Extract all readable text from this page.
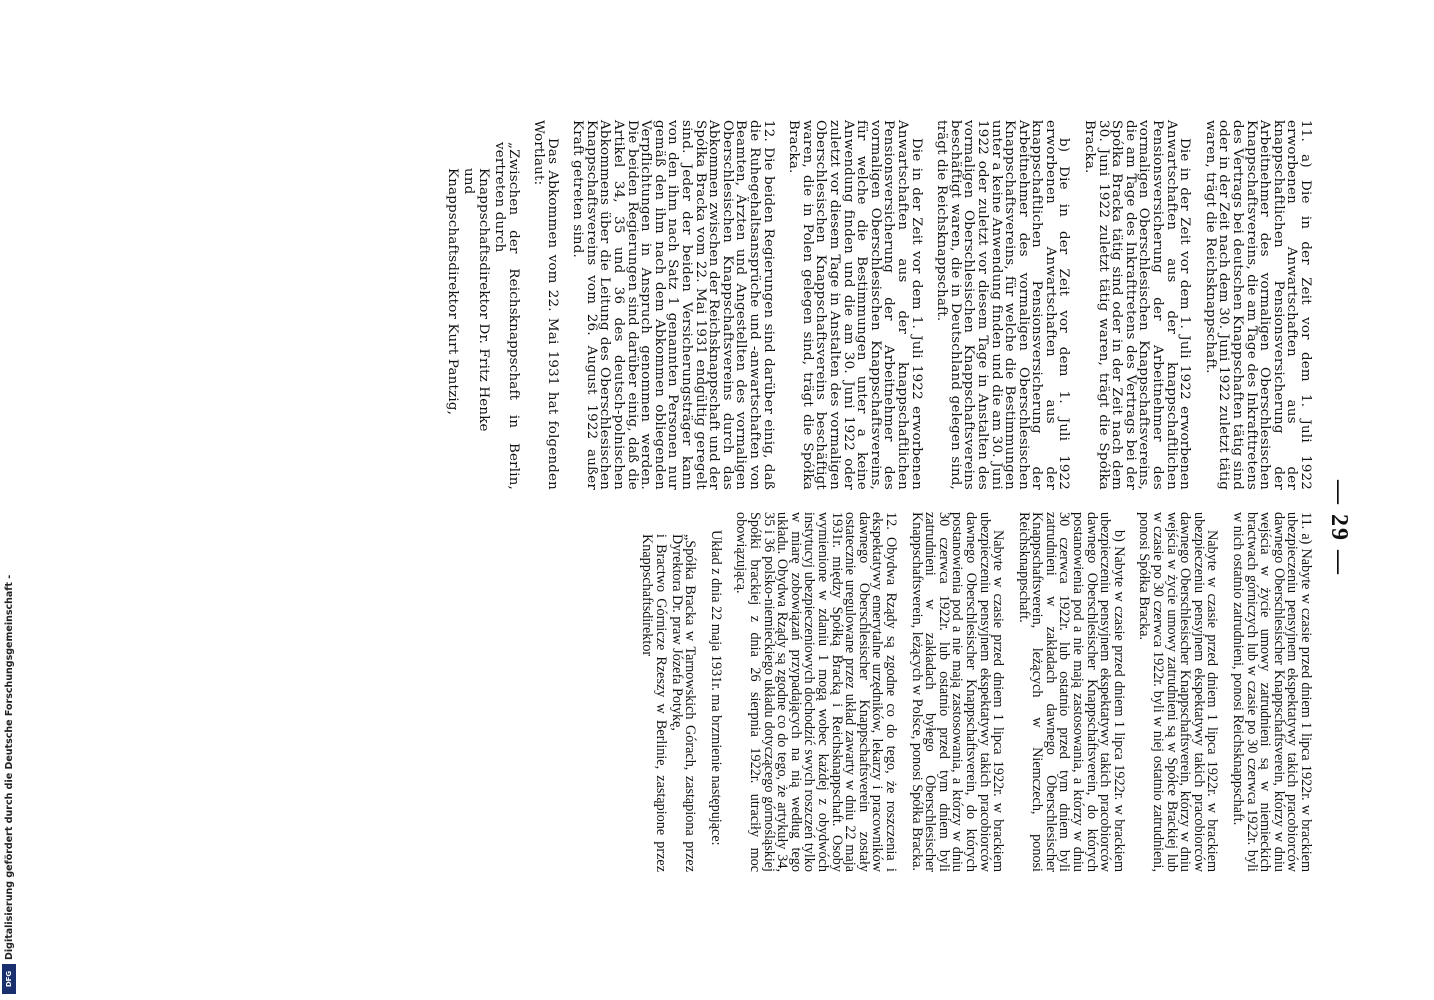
— 29 —

11. a) Nabyte w czasie przed dniem 1 lipca 1922r. w brackiem ubezpieczeniu pensyjnem ekspektatywy takich pracobiorców dawnego Oberschlesischer Knappschaftsverein, którzy w dniu wejścia w życie umowy zatrudnieni są w niemieckich bractwach górniczych lub w czasie po 30 czerwca 1922r. byli w nich ostatnio zatrudnieni, ponosi Reichsknappschaft.

Nabyte w czasie przed dniem 1 lipca 1922r. w brackiem ubezpieczeniu pensyjnem ekspektatywy takich pracobiorców dawnego Oberschlesischer Knappschaftsverein, którzy w dniu wejścia w życie umowy zatrudnieni są w Spółce Brackiej lub w czasie po 30 czerwca 1922r. byli w niej ostatnio zatrudnieni, ponosi Spółka Bracka.

b) Nabyte w czasie przed dniem 1 lipca 1922r. w brackiem ubezpieczeniu pensyjnem ekspektatywy takich pracobiorców dawnego Oberschlesischer Knappschaftsverein, do których postanowienia pod a nie mają zastosowania, a którzy w dniu 30 czerwca 1922r. lub ostatnio przed tym dniem byli zatrudnieni w zakładach dawnego Oberschlesischer Knappschaftsverein, leżących w Niemczech, ponosi Reichsknappschaft.

Nabyte w czasie przed dniem 1 lipca 1922r. w brackiem ubezpieczeniu pensyjnem ekspektatywy takich pracobiorców dawnego Oberschlesischer Knappschaftsverein, do których postanowienia pod a nie mają zastosowania, a którzy w dniu 30 czerwca 1922r. lub ostatnio przed tym dniem byli zatrudnieni w zakładach byłego Oberschlesischer Knappschaftsverein, leżących w Polsce, ponosi Spółka Bracka.

12. Obydwa Rządy są zgodne co do tego, że roszczenia i ekspektatywy emerytalne urzędników, lekarzy i pracowników dawnego Oberschlesischer Knappschaftsverein zostały ostatecznie uregulowane przez układ zawarty w dniu 22 maja 1931r. między Spółką Bracką i Reichsknappschaft. Osoby wymienione w zdaniu 1 mogą wobec każdej z obydwóch instytucyj ubezpieczeniowych dochodzić swych roszczeń tylko w miarę zobowiązań przypadających na nią według tego układu. Obydwa Rządy są zgodne co do tego, że artykuły 34, 35 i 36 polsko-niemieckiego układu dotyczącego górnośląskiej Spółki brackiej z dnia 26 sierpnia 1922r. utraciły moc obowiązującą.

Układ z dnia 22 maja 1931r. ma brzmienie następujące:

„Spółka Bracka w Tarnowskich Górach, zastąpiona przez Dyrektora Dr. praw Józefa Potykę,

i Bractwo Górnicze Rzeszy w Berlinie, zastąpione przez Knappschaftsdirektor

11. a) Die in der Zeit vor dem 1. Juli 1922 erworbenen Anwartschaften aus der knappschaftlichen Pensionsversicherung der Arbeitnehmer des vormaligen Oberschlesischen Knappschaftsvereins, die am Tage des Inkrafttretens des Vertrags bei deutschen Knappschaften tätig sind oder in der Zeit nach dem 30. Juni 1922 zuletzt tätig waren, trägt die Reichsknappschaft.

Die in der Zeit vor dem 1. Juli 1922 erworbenen Anwartschaften aus der knappschaftlichen Pensionsversicherung der Arbeitnehmer des vormaligen Oberschlesischen Knappschaftsvereins, die am Tage des Inkrafttretens des Vertrags bei der Spółka Bracka tätig sind oder in der Zeit nach dem 30. Juni 1922 zuletzt tätig waren, trägt die Spółka Bracka.

b) Die in der Zeit vor dem 1. Juli 1922 erworbenen Anwartschaften aus der knappschaftlichen Pensionsversicherung der Arbeitnehmer des vormaligen Oberschlesischen Knappschaftsvereins, für welche die Bestimmungen unter a keine Anwendung finden und die am 30. Juni 1922 oder zuletzt vor diesem Tage in Anstalten des vormaligen Oberschlesischen Knappschaftsvereins beschäftigt waren, die in Deutschland gelegen sind, trägt die Reichsknappschaft.

Die in der Zeit vor dem 1. Juli 1922 erworbenen Anwartschaften aus der knappschaftlichen Pensionsversicherung der Arbeitnehmer des vormaligen Oberschlesischen Knappschaftsvereins, für welche die Bestimmungen unter a keine Anwendung finden und die am 30. Juni 1922 oder zuletzt vor diesem Tage in Anstalten des vormaligen Oberschlesischen Knappschaftsvereins beschäftigt waren, die in Polen gelegen sind, trägt die Spółka Bracka.

12. Die beiden Regierungen sind darüber einig, daß die Ruhegehaltsansprüche und -anwartschaften von Beamten, Ärzten und Angestellten des vormaligen Oberschlesischen Knappschaftsvereins durch das Abkommen zwischen der Reichsknappschaft und der Spółka Bracka vom 22. Mai 1931 endgültig geregelt sind. Jeder der beiden Versicherungsträger kann von den ihm nach Satz 1 genannten Personen nur gemäß den ihm nach dem Abkommen obliegenden Verpflichtungen in Anspruch genommen werden. Die beiden Regierungen sind darüber einig, daß die Artikel 34, 35 und 36 des deutsch-polnischen Abkommens über die Leitung des Oberschlesischen Knappschaftsvereins vom 26. August 1922 außer Kraft getreten sind.

Das Abkommen vom 22. Mai 1931 hat folgenden Wortlaut:

„Zwischen der Reichsknappschaft in Berlin, vertreten durch

Knappschaftsdirektor Dr. Fritz Henke

und

Knappschaftsdirektor Kurt Pantzig,

Digitalisierung gefördert durch die Deutsche Forschungsgemeinschaft -
DFG
